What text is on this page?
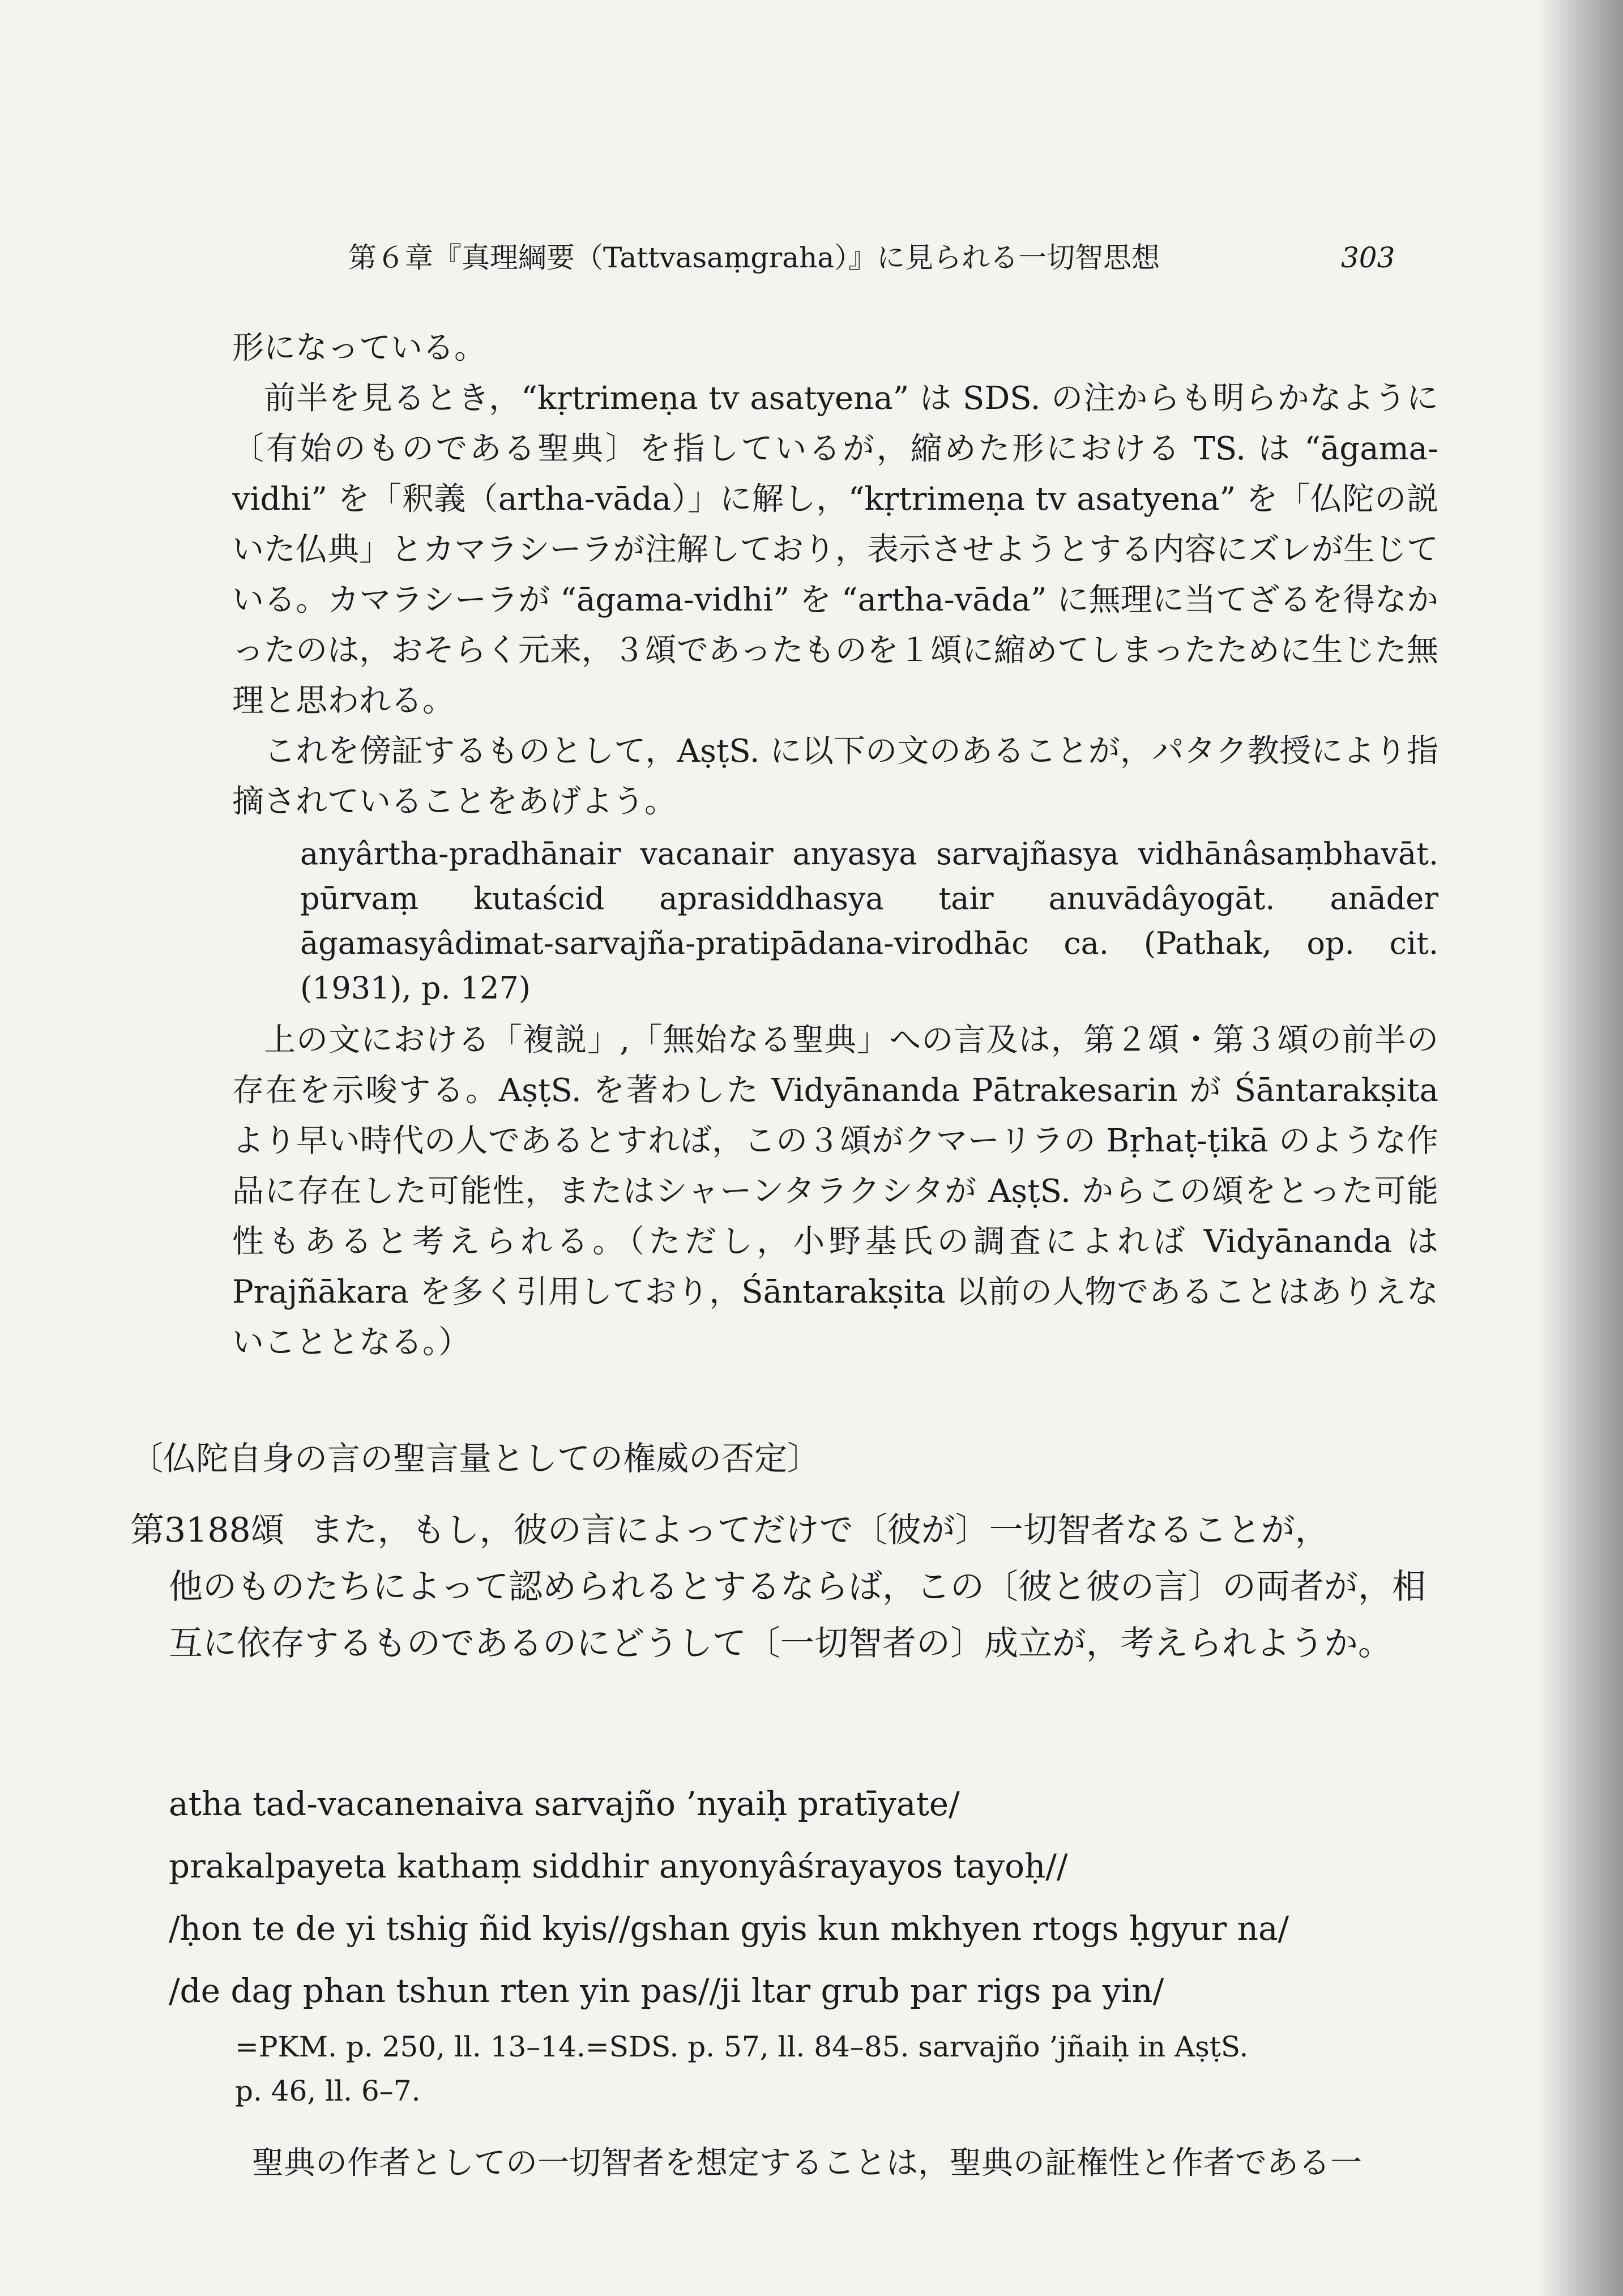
第６章『真理綱要（Tattvasaṃgraha）』に見られる一切智思想	303

形になっている。

前半を見るとき，“kṛtrimeṇa tv asatyena” は SDS. の注からも明らかなように〔有始のものである聖典〕を指しているが，縮めた形における TS. は “āgama-vidhi” を「釈義（artha-vāda）」に解し，“kṛtrimeṇa tv asatyena” を「仏陀の説いた仏典」とカマラシーラが注解しており，表示させようとする内容にズレが生じている。カマラシーラが “āgama-vidhi” を “artha-vāda” に無理に当てざるを得なかったのは，おそらく元来，３頌であったものを１頌に縮めてしまったために生じた無理と思われる。

これを傍証するものとして，AṣṭS. に以下の文のあることが，パタク教授により指摘されていることをあげよう。

anyârtha-pradhānair vacanair anyasya sarvajñasya vidhānâsaṃbhavāt. pūrvaṃ kutaścid aprasiddhasya tair anuvādâyogāt. anāder āgamasyâdimat-sarvajña-pratipādana-virodhāc ca. (Pathak, op. cit. (1931), p. 127)

上の文における「複説」,「無始なる聖典」への言及は，第２頌・第３頌の前半の存在を示唆する。AṣṭS. を著わした Vidyānanda Pātrakesarin が Śāntarakṣita より早い時代の人であるとすれば，この３頌がクマーリラの Bṛhaṭ-ṭikā のような作品に存在した可能性，またはシャーンタラクシタが AṣṭS. からこの頌をとった可能性もあると考えられる。（ただし，小野基氏の調査によれば Vidyānanda は Prajñākara を多く引用しており，Śāntarakṣita 以前の人物であることはありえないこととなる。）

〔仏陀自身の言の聖言量としての権威の否定〕

第3188頌 また，もし，彼の言によってだけで〔彼が〕一切智者なることが，

他のものたちによって認められるとするならば，この〔彼と彼の言〕の両者が，相互に依存するものであるのにどうして〔一切智者の〕成立が，考えられようか。

atha tad-vacanenaiva sarvajño ’nyaiḥ pratīyate/

prakalpayeta kathaṃ siddhir anyonyâśrayayos tayoḥ//

/ḥon te de yi tshig ñid kyis//gshan gyis kun mkhyen rtogs ḥgyur na/

/de dag phan tshun rten yin pas//ji ltar grub par rigs pa yin/

=PKM. p. 250, ll. 13–14.=SDS. p. 57, ll. 84–85. sarvajño ’jñaiḥ in AṣṭS.

p. 46, ll. 6–7.

聖典の作者としての一切智者を想定することは，聖典の証権性と作者である一
